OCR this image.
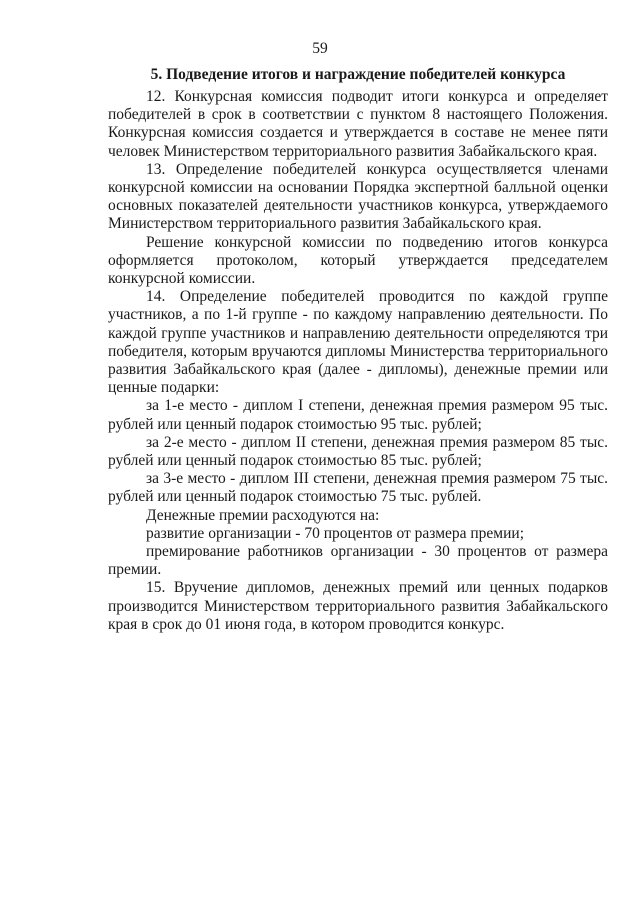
59
5. Подведение итогов и награждение победителей конкурса

12. Конкурсная комиссия подводит итоги конкурса и определяет победителей в срок в соответствии с пунктом 8 настоящего Положения. Конкурсная комиссия создается и утверждается в составе не менее пяти человек Министерством территориального развития Забайкальского края.

13. Определение победителей конкурса осуществляется членами конкурсной комиссии на основании Порядка экспертной балльной оценки основных показателей деятельности участников конкурса, утверждаемого Министерством территориального развития Забайкальского края.

Решение конкурсной комиссии по подведению итогов конкурса оформляется протоколом, который утверждается председателем конкурсной комиссии.

14. Определение победителей проводится по каждой группе участников, а по 1-й группе - по каждому направлению деятельности. По каждой группе участников и направлению деятельности определяются три победителя, которым вручаются дипломы Министерства территориального развития Забайкальского края (далее - дипломы), денежные премии или ценные подарки:

за 1-е место - диплом I степени, денежная премия размером 95 тыс. рублей или ценный подарок стоимостью 95 тыс. рублей;

за 2-е место - диплом II степени, денежная премия размером 85 тыс. рублей или ценный подарок стоимостью 85 тыс. рублей;

за 3-е место - диплом III степени, денежная премия размером 75 тыс. рублей или ценный подарок стоимостью 75 тыс. рублей.

Денежные премии расходуются на:

развитие организации - 70 процентов от размера премии;

премирование работников организации - 30 процентов от размера премии.

15. Вручение дипломов, денежных премий или ценных подарков производится Министерством территориального развития Забайкальского края в срок до 01 июня года, в котором проводится конкурс.
